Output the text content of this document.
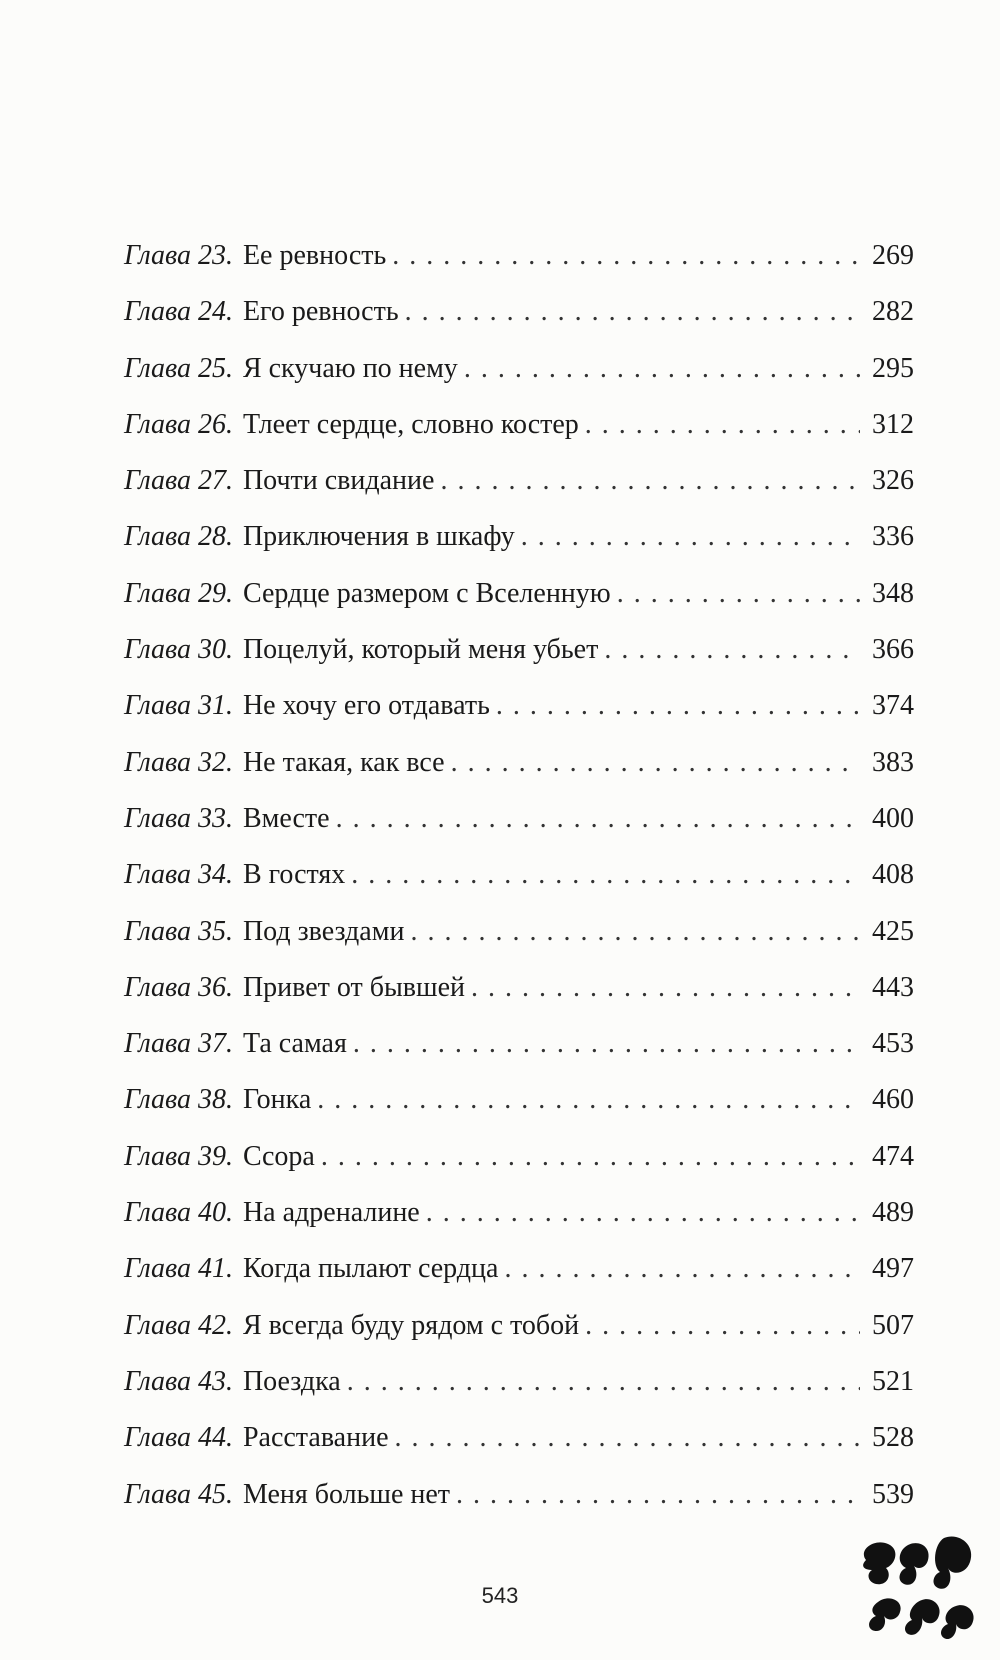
Глава 23. Ее ревность . . .	269
Глава 24. Его ревность . . .	282
Глава 25. Я скучаю по нему . . .	295
Глава 26. Тлеет сердце, словно костер . . .	312
Глава 27. Почти свидание . . .	326
Глава 28. Приключения в шкафу . . .	336
Глава 29. Сердце размером с Вселенную . . .	348
Глава 30. Поцелуй, который меня убьет . . .	366
Глава 31. Не хочу его отдавать . . .	374
Глава 32. Не такая, как все . . .	383
Глава 33. Вместе . . .	400
Глава 34. В гостях . . .	408
Глава 35. Под звездами . . .	425
Глава 36. Привет от бывшей . . .	443
Глава 37. Та самая . . .	453
Глава 38. Гонка . . .	460
Глава 39. Ссора . . .	474
Глава 40. На адреналине . . .	489
Глава 41. Когда пылают сердца . . .	497
Глава 42. Я всегда буду рядом с тобой . . .	507
Глава 43. Поездка . . .	521
Глава 44. Расставание . . .	528
Глава 45. Меня больше нет . . .	539
543
